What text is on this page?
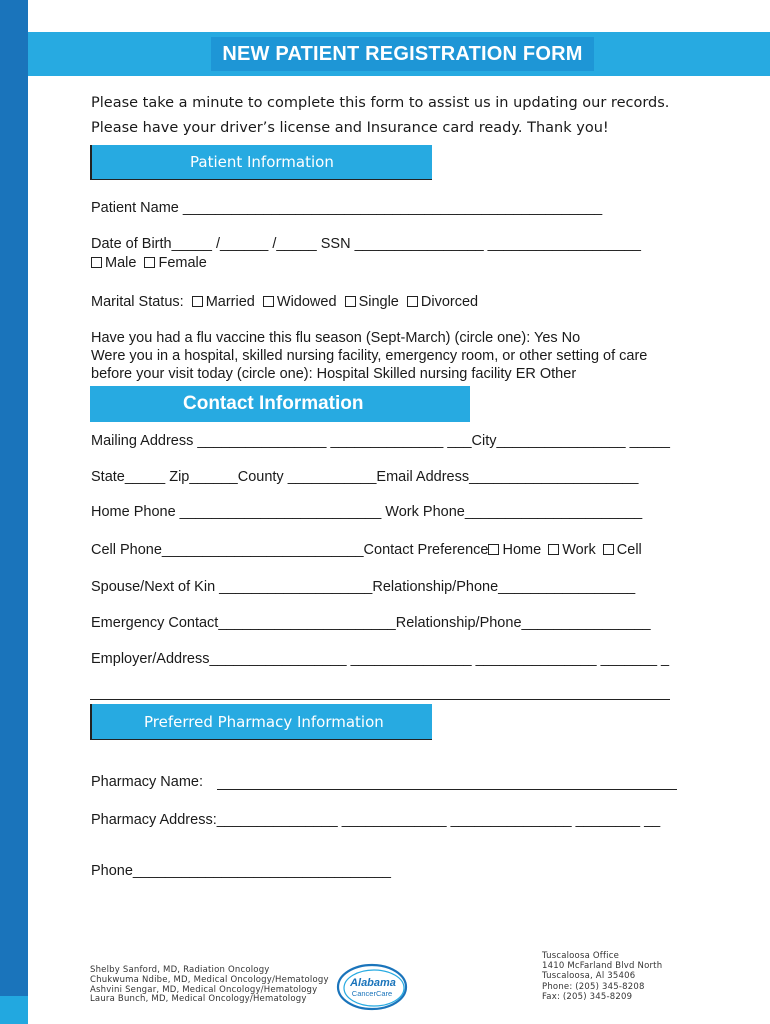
NEW PATIENT REGISTRATION FORM
Please take a minute to complete this form to assist us in updating our records.
Please have your driver’s license and Insurance card ready. Thank you!
Patient Information
Patient Name ____________________________________________________
Date of Birth_____ /______ /_____ SSN ________________ ___________________
Male Female
Marital Status: Married Widowed Single Divorced
Have you had a flu vaccine this flu season (Sept-March) (circle one): Yes No
Were you in a hospital, skilled nursing facility, emergency room, or other setting of care
before your visit today (circle one): Hospital Skilled nursing facility ER Other
Contact Information
Mailing Address ________________ ______________ ___City________________ _____
State_____ Zip______County ___________Email Address_____________________
Home Phone _________________________ Work Phone______________________
Cell Phone_________________________Contact Preference Home Work Cell
Spouse/Next of Kin ___________________Relationship/Phone_________________
Emergency Contact______________________Relationship/Phone________________
Employer/Address_________________ _______________ _______________ _______ _
Preferred Pharmacy Information
Pharmacy Name:
Pharmacy Address:_______________ _____________ _______________ ________ __
Phone________________________________
Shelby Sanford, MD, Radiation Oncology
Chukwuma Ndibe, MD, Medical Oncology/Hematology
Ashvini Sengar, MD, Medical Oncology/Hematology
Laura Bunch, MD, Medical Oncology/Hematology
Alabama
CancerCare
Tuscaloosa Office
1410 McFarland Blvd North
Tuscaloosa, Al 35406
Phone: (205) 345-8208
Fax: (205) 345-8209
